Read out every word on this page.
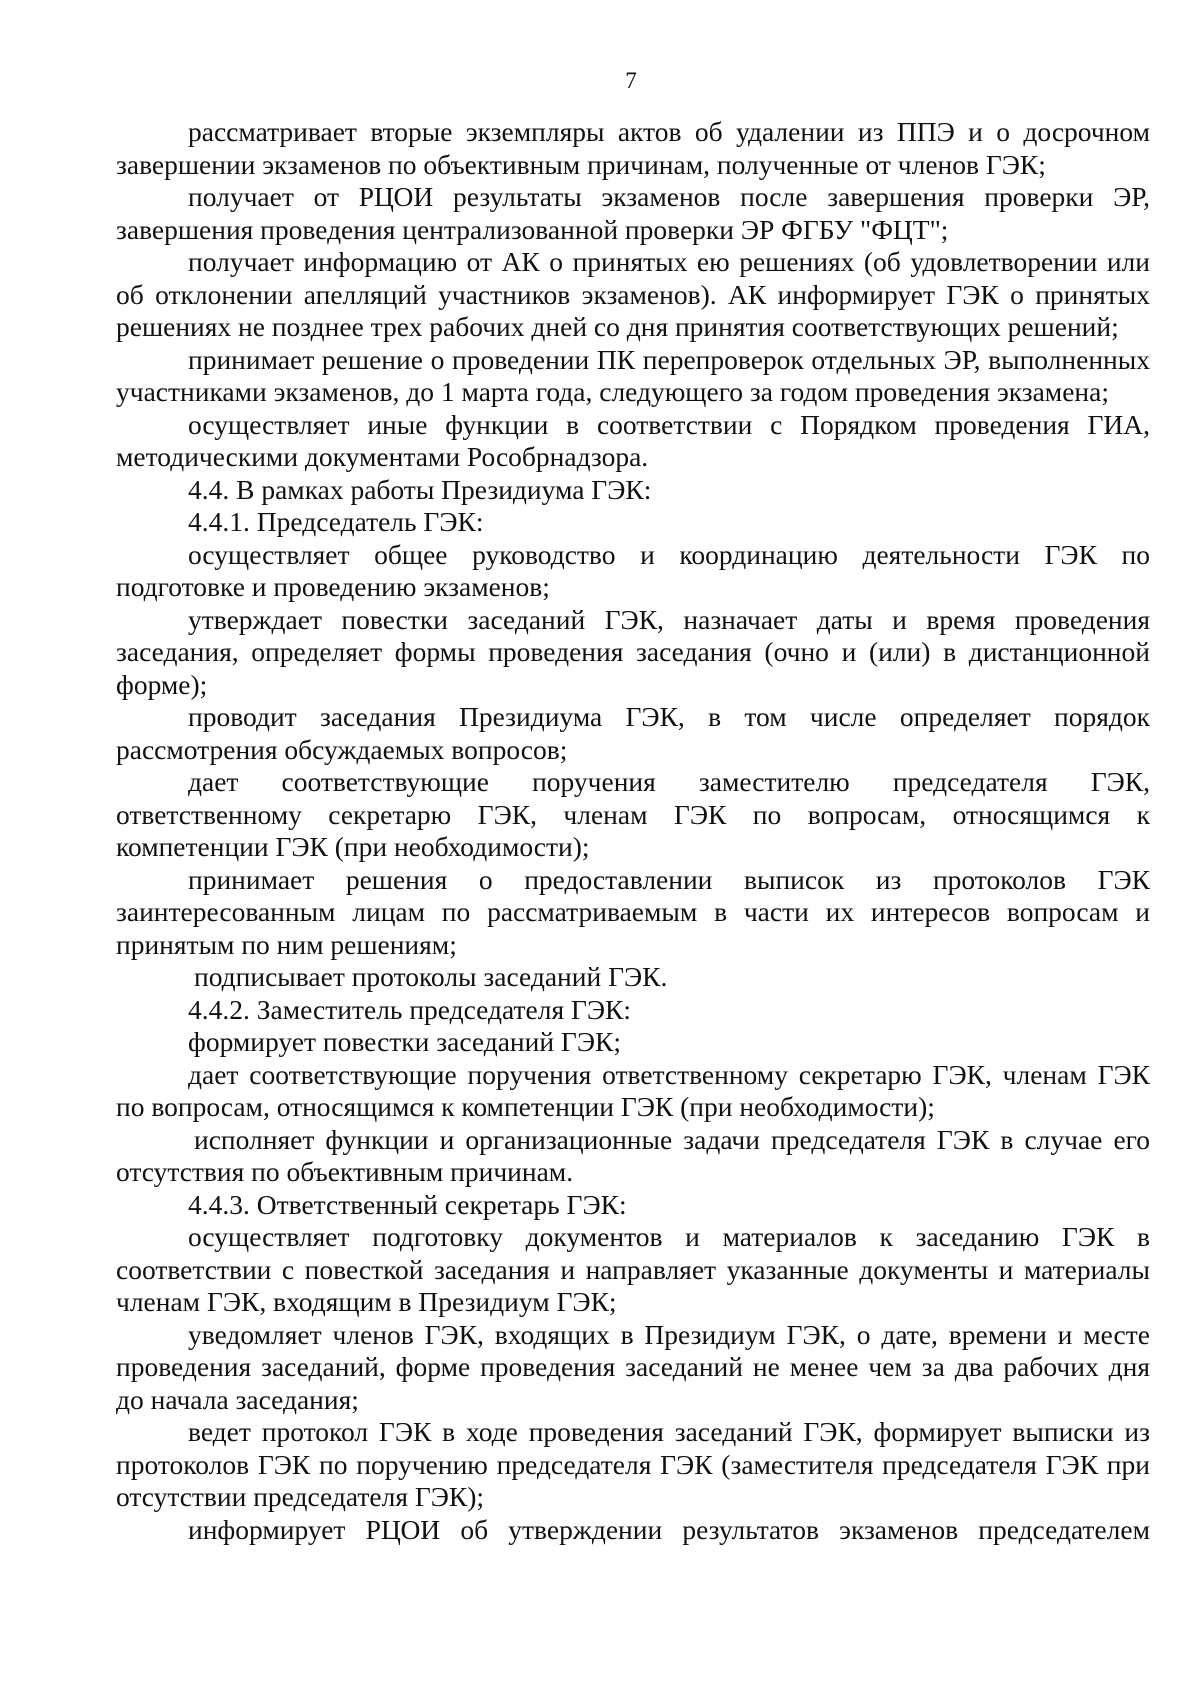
7

рассматривает вторые экземпляры актов об удалении из ППЭ и о досрочном завершении экзаменов по объективным причинам, полученные от членов ГЭК;

получает от РЦОИ результаты экзаменов после завершения проверки ЭР, завершения проведения централизованной проверки ЭР ФГБУ "ФЦТ";

получает информацию от АК о принятых ею решениях (об удовлетворении или об отклонении апелляций участников экзаменов). АК информирует ГЭК о принятых решениях не позднее трех рабочих дней со дня принятия соответствующих решений;

принимает решение о проведении ПК перепроверок отдельных ЭР, выполненных участниками экзаменов, до 1 марта года, следующего за годом проведения экзамена;

осуществляет иные функции в соответствии с Порядком проведения ГИА, методическими документами Рособрнадзора.

4.4. В рамках работы Президиума ГЭК:

4.4.1. Председатель ГЭК:

осуществляет общее руководство и координацию деятельности ГЭК по подготовке и проведению экзаменов;

утверждает повестки заседаний ГЭК, назначает даты и время проведения заседания, определяет формы проведения заседания (очно и (или) в дистанционной форме);

проводит заседания Президиума ГЭК, в том числе определяет порядок рассмотрения обсуждаемых вопросов;

дает соответствующие поручения заместителю председателя ГЭК, ответственному секретарю ГЭК, членам ГЭК по вопросам, относящимся к компетенции ГЭК (при необходимости);

принимает решения о предоставлении выписок из протоколов ГЭК заинтересованным лицам по рассматриваемым в части их интересов вопросам и принятым по ним решениям;

подписывает протоколы заседаний ГЭК.

4.4.2. Заместитель председателя ГЭК:

формирует повестки заседаний ГЭК;

дает соответствующие поручения ответственному секретарю ГЭК, членам ГЭК по вопросам, относящимся к компетенции ГЭК (при необходимости);

исполняет функции и организационные задачи председателя ГЭК в случае его отсутствия по объективным причинам.

4.4.3. Ответственный секретарь ГЭК:

осуществляет подготовку документов и материалов к заседанию ГЭК в соответствии с повесткой заседания и направляет указанные документы и материалы членам ГЭК, входящим в Президиум ГЭК;

уведомляет членов ГЭК, входящих в Президиум ГЭК, о дате, времени и месте проведения заседаний, форме проведения заседаний не менее чем за два рабочих дня до начала заседания;

ведет протокол ГЭК в ходе проведения заседаний ГЭК, формирует выписки из протоколов ГЭК по поручению председателя ГЭК (заместителя председателя ГЭК при отсутствии председателя ГЭК);

информирует РЦОИ об утверждении результатов экзаменов председателем
